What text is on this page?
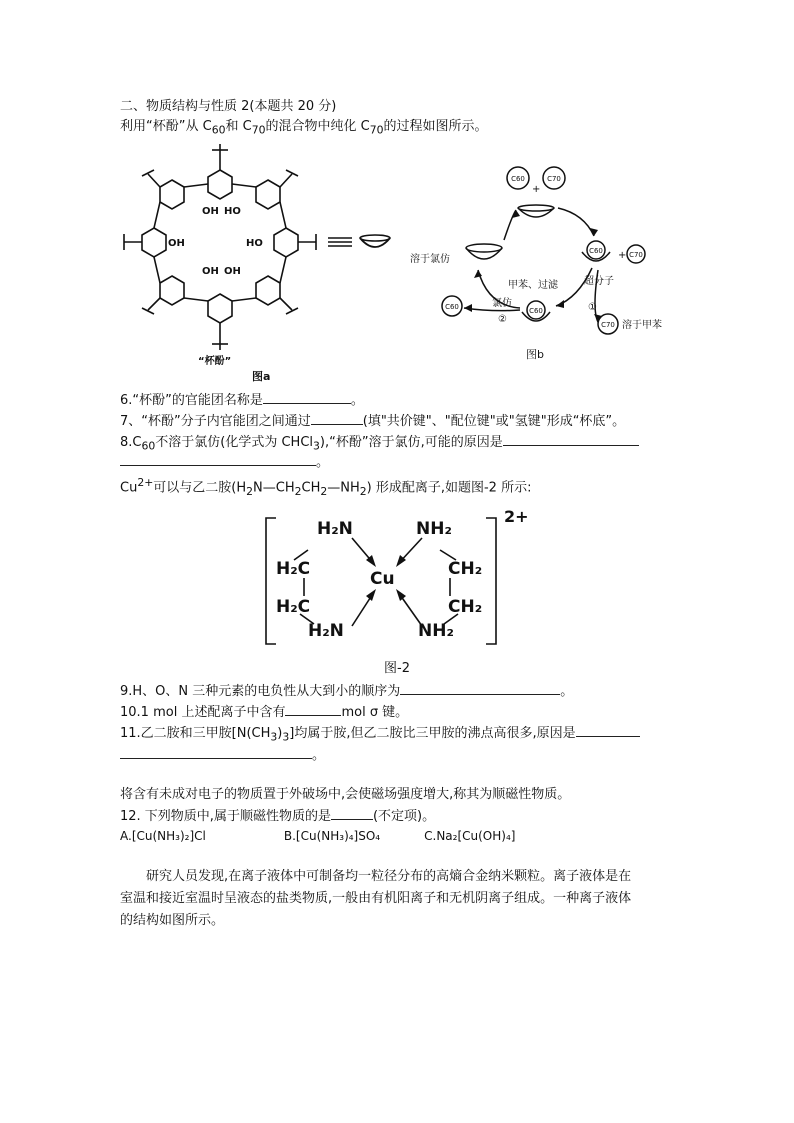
二、物质结构与性质 2(本题共 20 分)
利用“杯酚”从 $C_{60}$和 $C_{70}$的混合物中纯化 $C_{70}$的过程如图所示。
OH HO
OH	HO
OH OH
“杯酚”
图a
C60	C70
C60	C70
C60
C60
C70
+
+
溶于氯仿
甲苯、过滤	超分子
氯仿
②
①
溶于甲苯
图b
6.“杯酚”的官能团名称是	。
7、“杯酚”分子内官能团之间通过	(填"共价键"、"配位键"或"氢键"形成“杯底”。
$8.C_{60}$不溶于氯仿(化学式为 CHCl$_3$),“杯酚”溶于氯仿,可能的原因是
。
$Cu^{2+}$可以与乙二胺$(H_2N—CH_2CH_2—NH_2)$ 形成配离子,如题图-2 所示:
H₂N	NH₂
H₂C	CH₂
Cu
H₂C	CH₂
H₂N	NH₂
2+
图-2
9.H、O、N 三种元素的电负性从大到小的顺序为	。
10.1 mol 上述配离子中含有	mol σ 键。
11.乙二胺和三甲胺$[N(CH_3)_3]$均属于胺,但乙二胺比三甲胺的沸点高很多,原因是
。
将含有未成对电子的物质置于外破场中,会使磁场强度增大,称其为顺磁性物质。
12. 下列物质中,属于顺磁性物质的是	(不定项)。
A.[Cu(NH₃)₂]Cl	B.[Cu(NH₃)₄]SO₄	C.Na₂[Cu(OH)₄]
研究人员发现,在离子液体中可制备均一粒径分布的高熵合金纳米颗粒。离子液体是在
室温和接近室温时呈液态的盐类物质,一般由有机阳离子和无机阴离子组成。一种离子液体
的结构如图所示。
